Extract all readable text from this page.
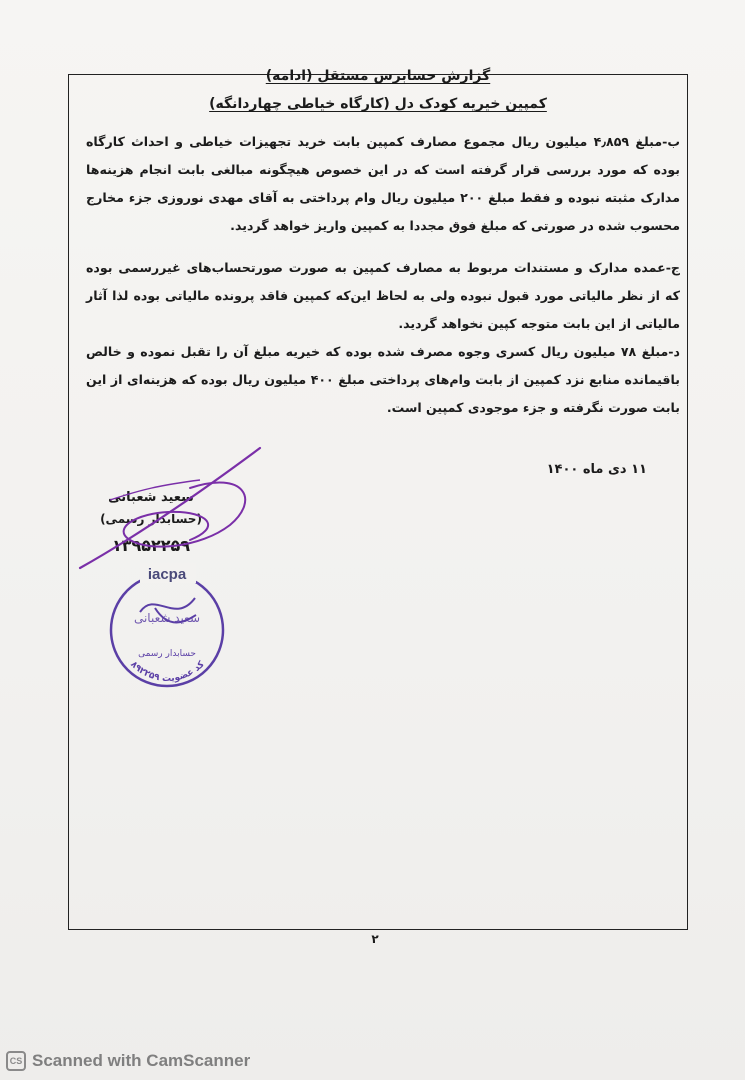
گزارش حسابرس مستقل (ادامه)
کمپین خیریه کودک دل (کارگاه خیاطی چهاردانگه)
ب-مبلغ ۴٫۸۵۹ میلیون ریال مجموع مصارف کمپین بابت خرید تجهیزات خیاطی و احداث کارگاه بوده که مورد بررسی قرار گرفته است که در این خصوص هیچگونه مبالغی بابت انجام هزینه‌ها مدارک مثبته نبوده و فقط مبلغ ۲۰۰ میلیون ریال وام پرداختی به آقای مهدی نوروزی جزء مخارج محسوب شده در صورتی که مبلغ فوق مجددا به کمپین واریز خواهد گردید.
ج-عمده مدارک و مستندات مربوط به مصارف کمپین به صورت صورتحساب‌های غیررسمی بوده که از نظر مالیاتی مورد قبول نبوده ولی به لحاظ این‌که کمپین فاقد پرونده مالیاتی بوده لذا آثار مالیاتی از این بابت متوجه کپین نخواهد گردید.
د-مبلغ ۷۸ میلیون ریال کسری وجوه مصرف شده بوده که خیریه مبلغ آن را تقبل نموده و خالص باقیمانده منابع نزد کمپین از بابت وام‌های پرداختی مبلغ ۴۰۰ میلیون ریال بوده که هزینه‌ای از این بابت صورت نگرفته و جزء موجودی کمپین است.
۱۱ دی ماه ۱۴۰۰
سعید شعبانی
(حسابدار رسمی)
۱۳۹۵۲۲۵۹
iacpa
سعید شعبانی
حسابدار رسمی
کد عضویت ۸۹۲۲۵۹
۲
CS Scanned with CamScanner
